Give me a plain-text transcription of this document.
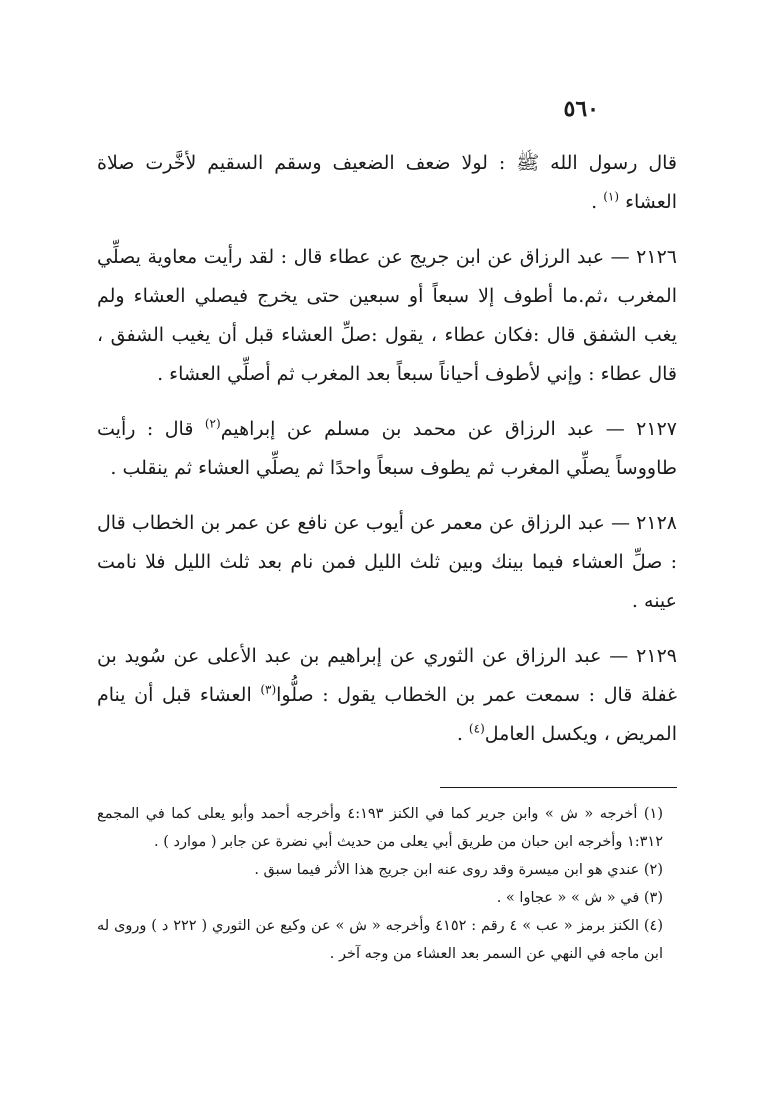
٥٦٠

قال رسول الله ﷺ : لولا ضعف الضعيف وسقم السقيم لأخَّرت صلاة العشاء $^{(١)}$ .

٢١٢٦ — عبد الرزاق عن ابن جريج عن عطاء قال : لقد رأيت معاوية يصلِّي المغرب ،ثم.ما أطوف إلا سبعاً أو سبعين حتى يخرج فيصلي العشاء ولم يغب الشفق قال :فكان عطاء ، يقول :صلِّ العشاء قبل أن يغيب الشفق ، قال عطاء : وإني لأطوف أحياناً سبعاً بعد المغرب ثم أصلِّي العشاء .

٢١٢٧ — عبد الرزاق عن محمد بن مسلم عن إبراهيم$^{(٢)}$ قال : رأيت طاووساً يصلِّي المغرب ثم يطوف سبعاً واحدًا ثم يصلِّي العشاء ثم ينقلب .

٢١٢٨ — عبد الرزاق عن معمر عن أيوب عن نافع عن عمر بن الخطاب قال : صلِّ العشاء فيما بينك وبين ثلث الليل فمن نام بعد ثلث الليل فلا نامت عينه .

٢١٢٩ — عبد الرزاق عن الثوري عن إبراهيم بن عبد الأعلى عن سُويد بن غفلة قال : سمعت عمر بن الخطاب يقول : صلُّوا$^{(٣)}$ العشاء قبل أن ينام المريض ، ويكسل العامل$^{(٤)}$ .

(١) أخرجه « ش » وابن جرير كما في الكنز ٤:١٩٣ وأخرجه أحمد وأبو يعلى كما في المجمع ١:٣١٢ وأخرجه ابن حبان من طريق أبي يعلى من حديث أبي نضرة عن جابر ( موارد ) .

(٢) عندي هو ابن ميسرة وقد روى عنه ابن جريج هذا الأثر فيما سبق .

(٣) في « ش » « عجاوا » .

(٤) الكنز برمز « عب » ٤ رقم : ٤١٥٢ وأخرجه « ش » عن وكيع عن الثوري ( ٢٢٢ د ) وروى له ابن ماجه في النهي عن السمر بعد العشاء من وجه آخر .
